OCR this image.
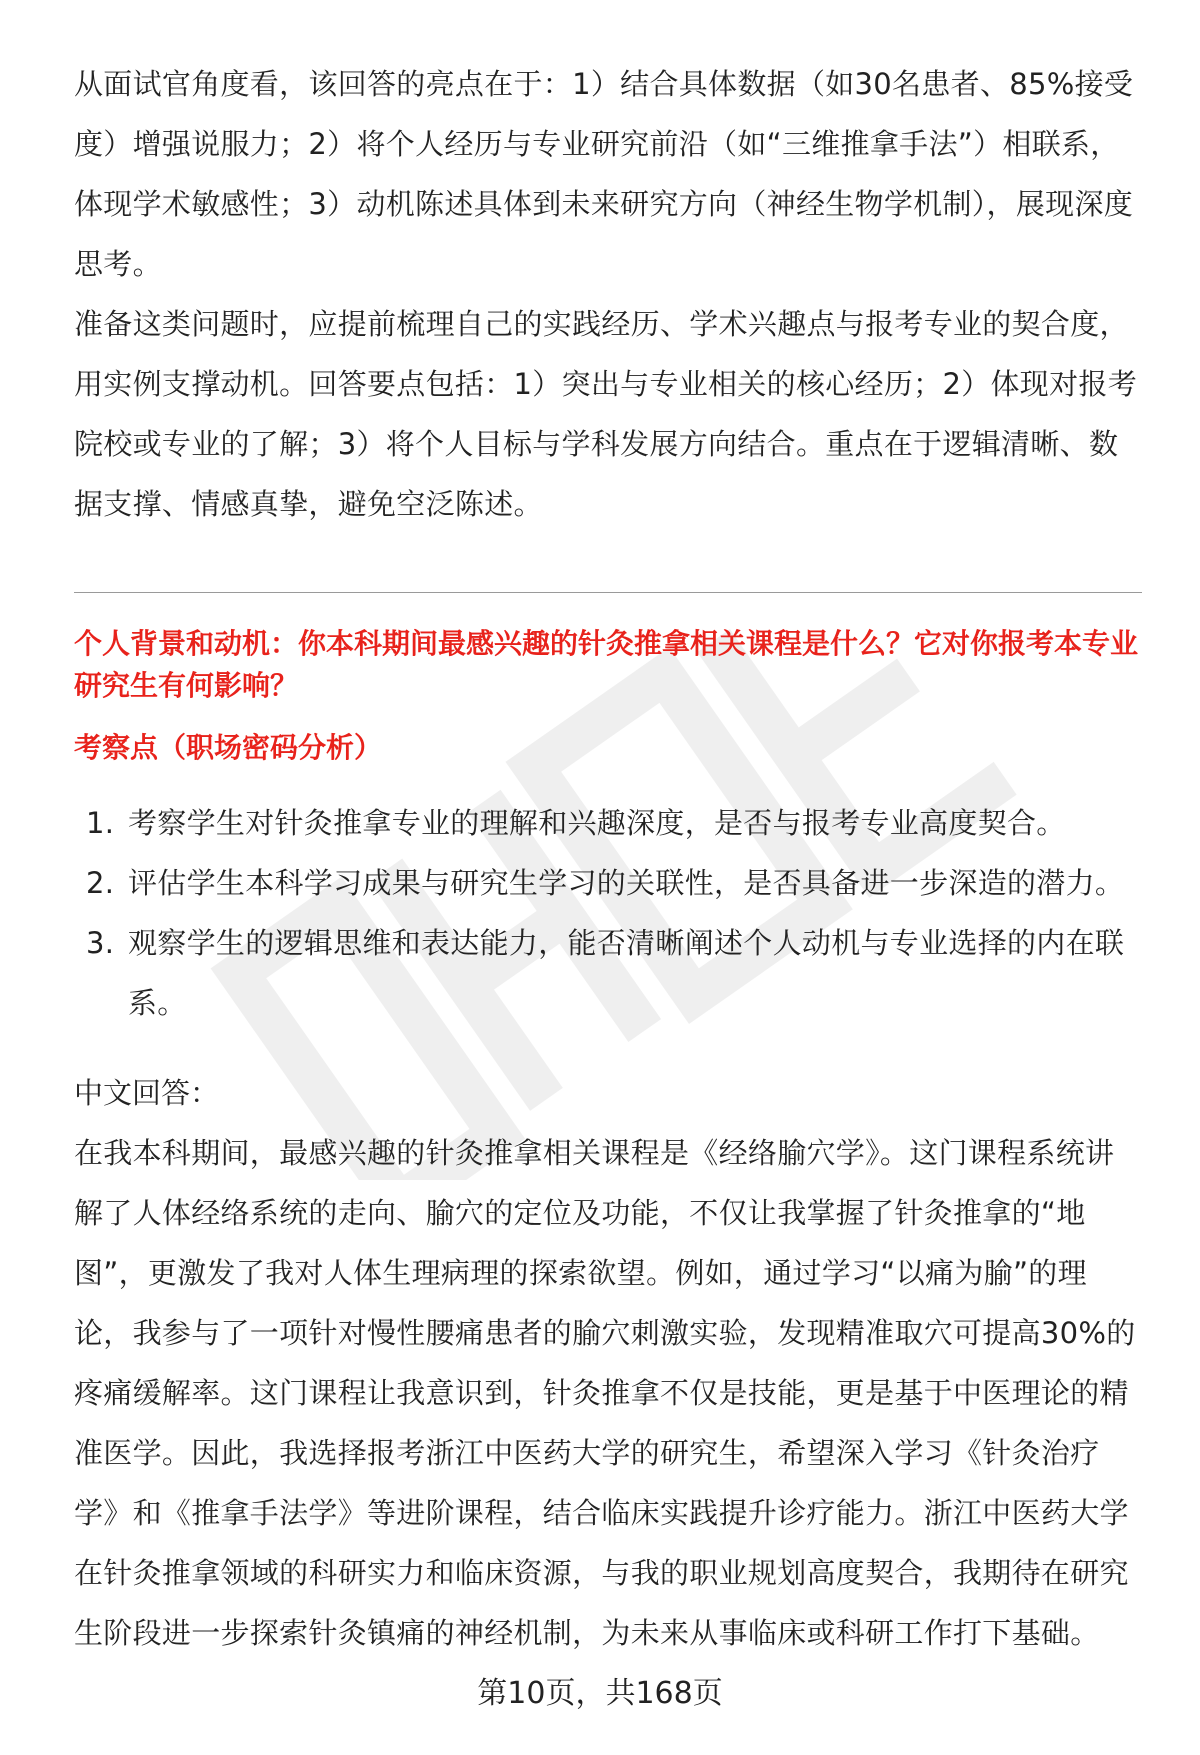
从面试官角度看，该回答的亮点在于：1）结合具体数据（如30名患者、85%接受度）增强说服力；2）将个人经历与专业研究前沿（如“三维推拿手法”）相联系，体现学术敏感性；3）动机陈述具体到未来研究方向（神经生物学机制），展现深度思考。

准备这类问题时，应提前梳理自己的实践经历、学术兴趣点与报考专业的契合度，用实例支撑动机。回答要点包括：1）突出与专业相关的核心经历；2）体现对报考院校或专业的了解；3）将个人目标与学科发展方向结合。重点在于逻辑清晰、数据支撑、情感真挚，避免空泛陈述。

个人背景和动机：你本科期间最感兴趣的针灸推拿相关课程是什么？它对你报考本专业研究生有何影响？

考察点（职场密码分析）

1. 考察学生对针灸推拿专业的理解和兴趣深度，是否与报考专业高度契合。
2. 评估学生本科学习成果与研究生学习的关联性，是否具备进一步深造的潜力。
3. 观察学生的逻辑思维和表达能力，能否清晰阐述个人动机与专业选择的内在联系。

中文回答：

在我本科期间，最感兴趣的针灸推拿相关课程是《经络腧穴学》。这门课程系统讲解了人体经络系统的走向、腧穴的定位及功能，不仅让我掌握了针灸推拿的“地图”，更激发了我对人体生理病理的探索欲望。例如，通过学习“以痛为腧”的理论，我参与了一项针对慢性腰痛患者的腧穴刺激实验，发现精准取穴可提高30%的疼痛缓解率。这门课程让我意识到，针灸推拿不仅是技能，更是基于中医理论的精准医学。因此，我选择报考浙江中医药大学的研究生，希望深入学习《针灸治疗学》和《推拿手法学》等进阶课程，结合临床实践提升诊疗能力。浙江中医药大学在针灸推拿领域的科研实力和临床资源，与我的职业规划高度契合，我期待在研究生阶段进一步探索针灸镇痛的神经机制，为未来从事临床或科研工作打下基础。

第10页，共168页
